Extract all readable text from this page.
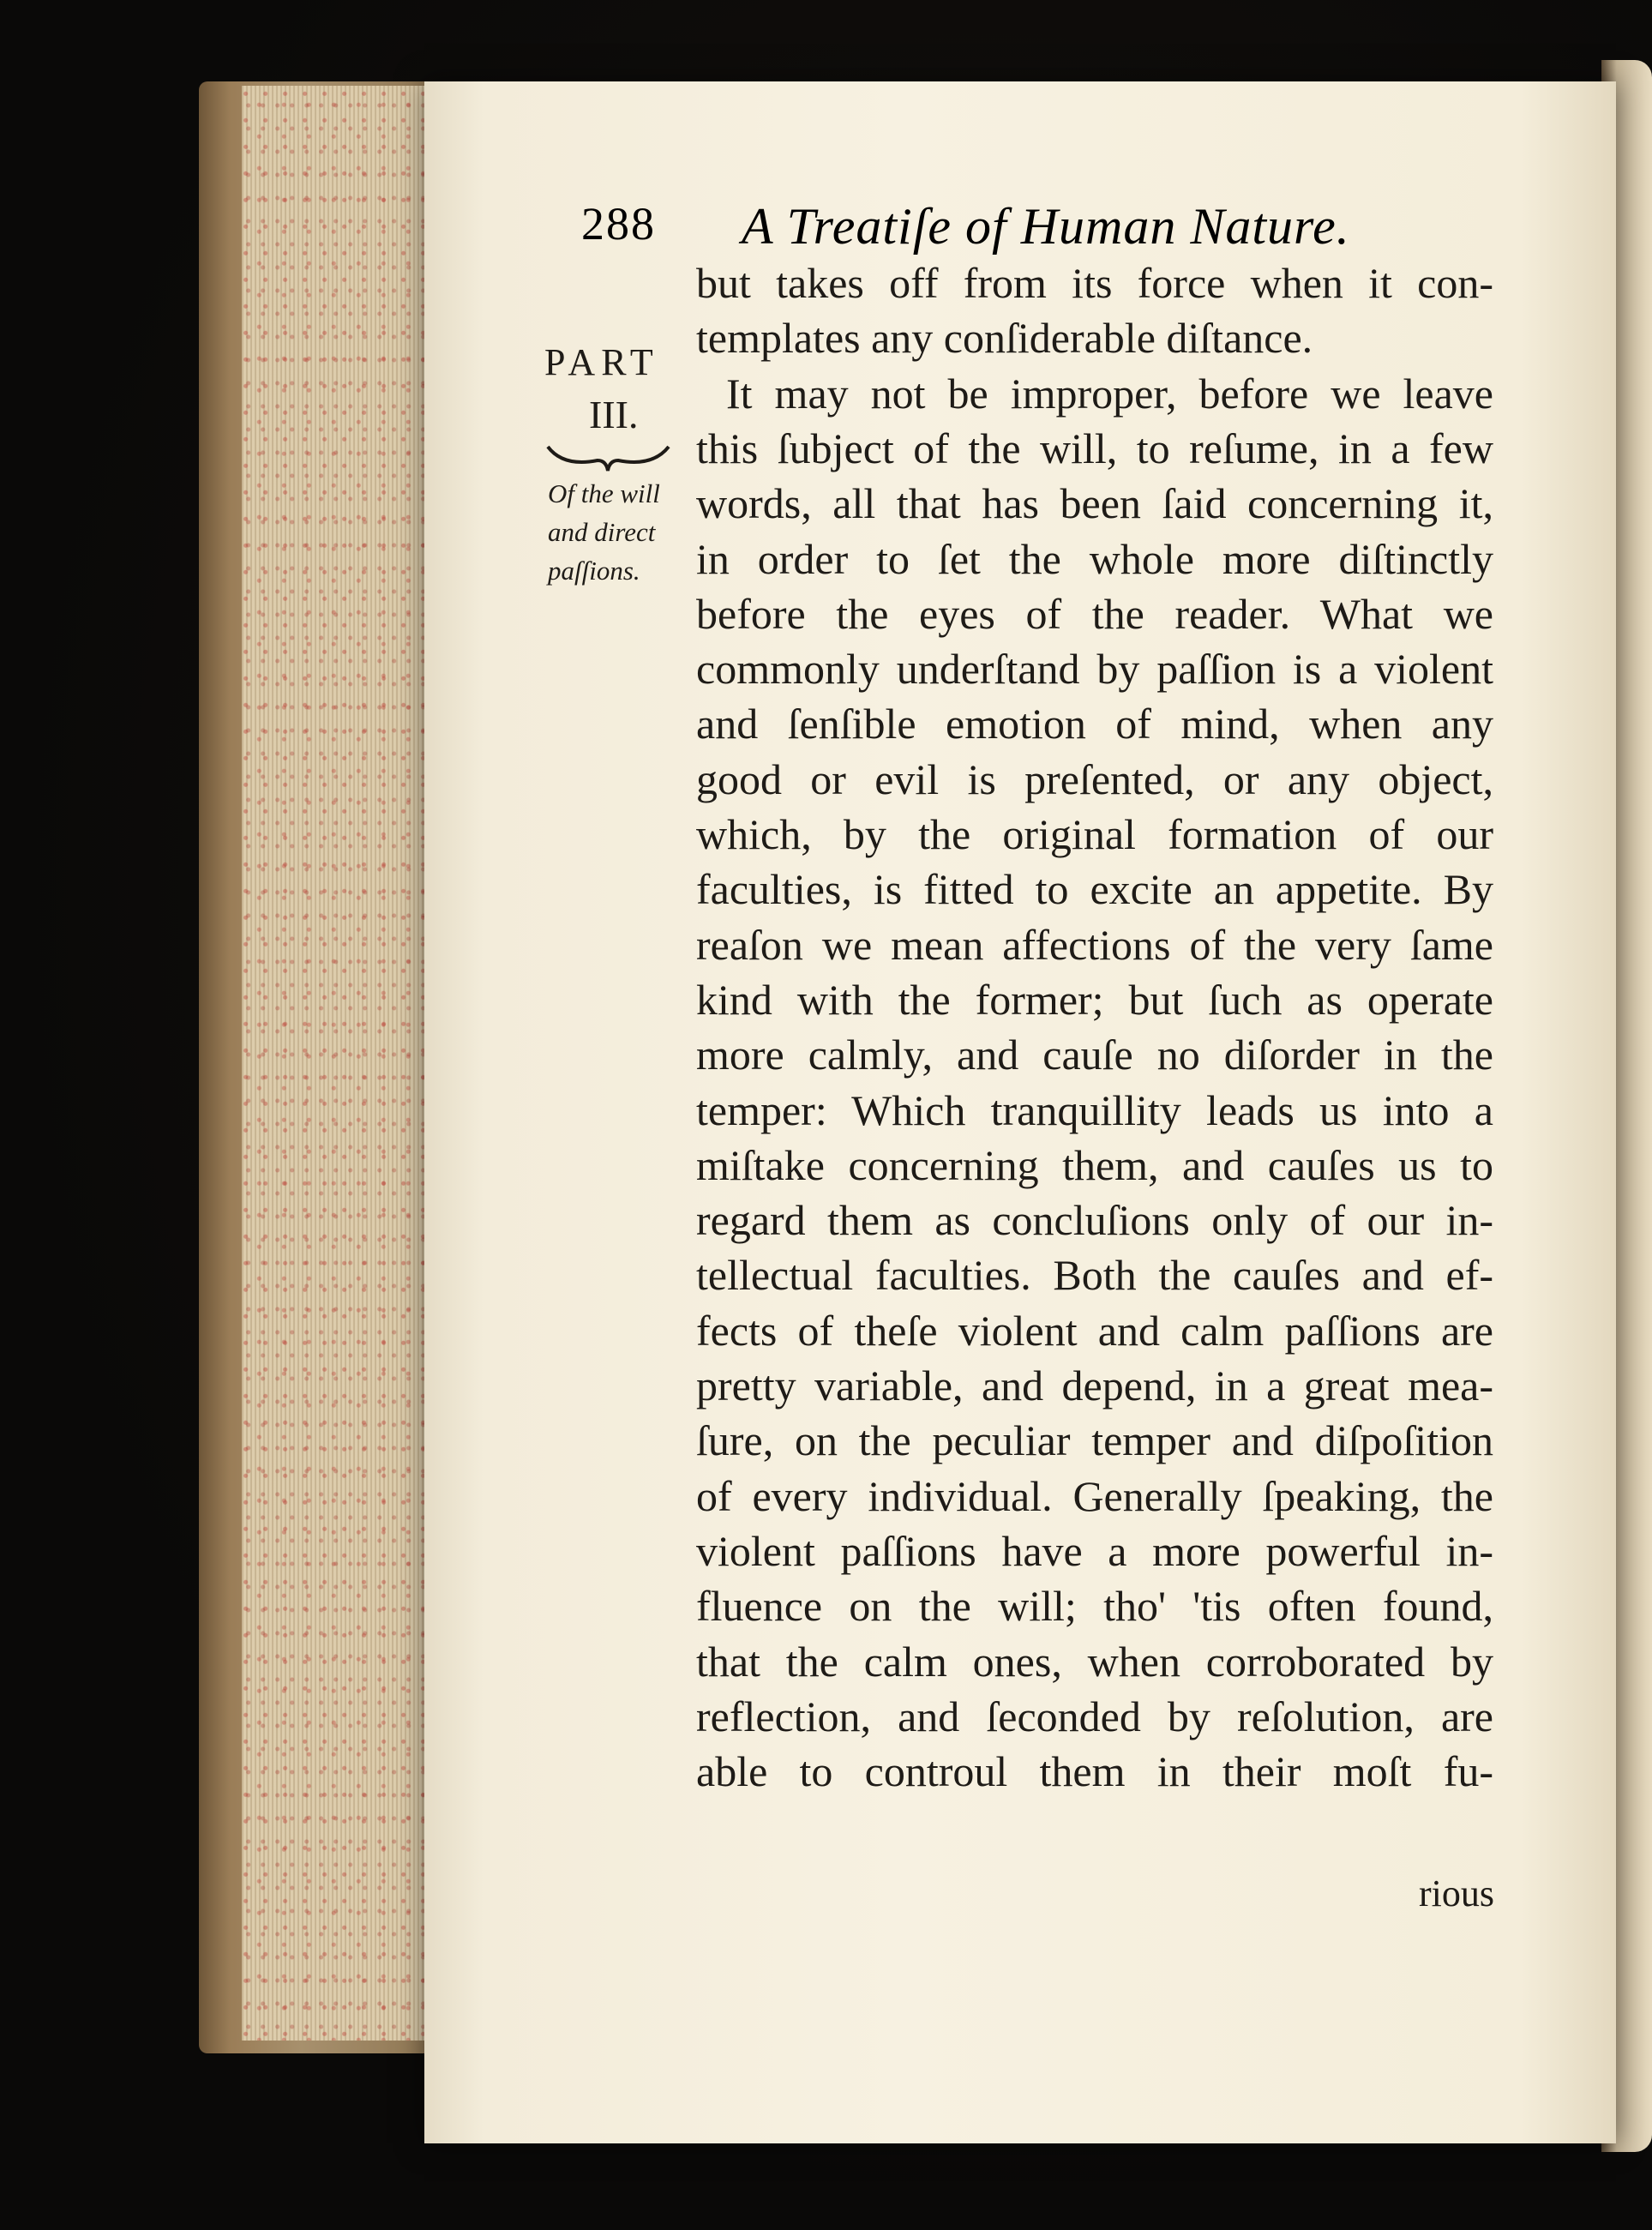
288 A Treatiſe of Human Nature.
PART
III.
Of the will and direct paſſions.
but takes off from its force when it con-
templates any conſiderable diſtance.
It may not be improper, before we leave
this ſubject of the will, to reſume, in a few
words, all that has been ſaid concerning it,
in order to ſet the whole more diſtinctly
before the eyes of the reader. What we
commonly underſtand by paſſion is a violent
and ſenſible emotion of mind, when any
good or evil is preſented, or any object,
which, by the original formation of our
faculties, is fitted to excite an appetite. By
reaſon we mean affections of the very ſame
kind with the former; but ſuch as operate
more calmly, and cauſe no diſorder in the
temper: Which tranquillity leads us into a
miſtake concerning them, and cauſes us to
regard them as concluſions only of our in-
tellectual faculties. Both the cauſes and ef-
fects of theſe violent and calm paſſions are
pretty variable, and depend, in a great mea-
ſure, on the peculiar temper and diſpoſition
of every individual. Generally ſpeaking, the
violent paſſions have a more powerful in-
fluence on the will; tho' 'tis often found,
that the calm ones, when corroborated by
reflection, and ſeconded by reſolution, are
able to controul them in their moſt fu-
rious
